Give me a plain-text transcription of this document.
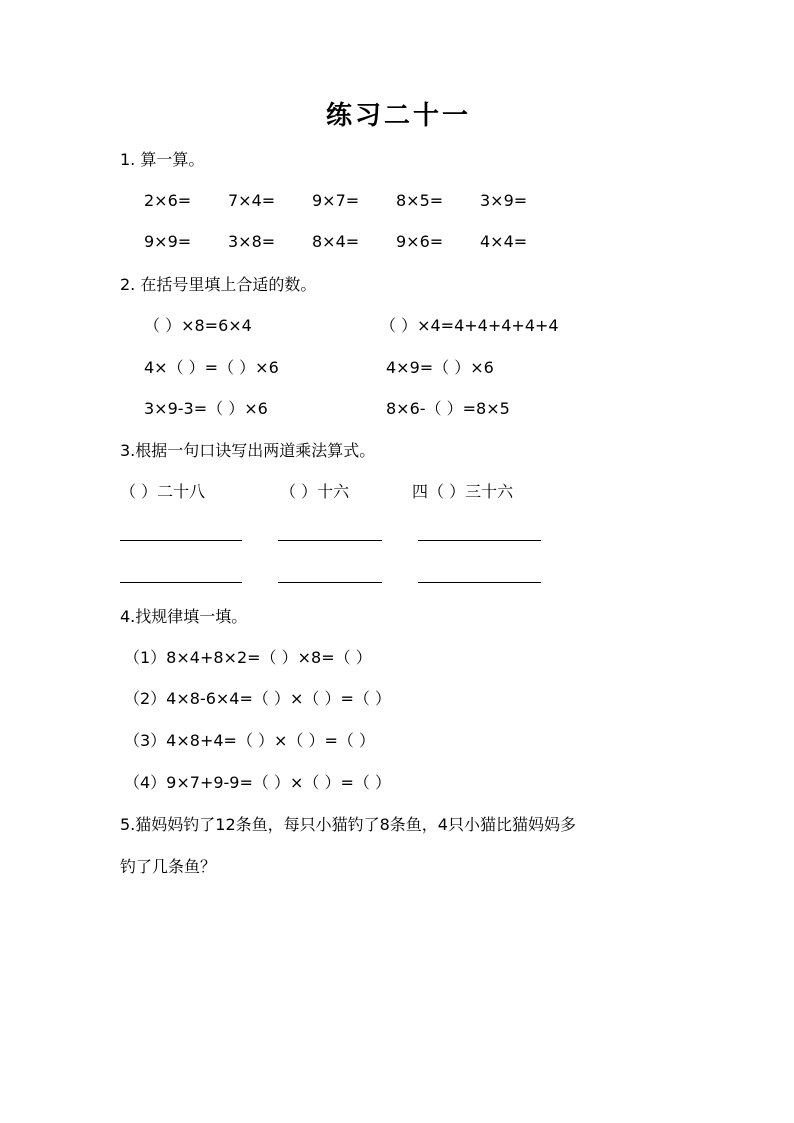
练习二十一
1. 算一算。
2×6= 7×4= 9×7= 8×5= 3×9=
9×9= 3×8= 8×4= 9×6= 4×4=
2. 在括号里填上合适的数。
（ ）×8=6×4	（ ）×4=4+4+4+4+4
4×（ ）=（ ）×6	4×9=（ ）×6
3×9-3=（ ）×6	8×6-（ ）=8×5
3.根据一句口诀写出两道乘法算式。
（ ）二十八	（ ）十六	四（ ）三十六
4.找规律填一填。
（1）8×4+8×2=（ ）×8=（ ）
（2）4×8-6×4=（ ）×（ ）=（ ）
（3）4×8+4=（ ）×（ ）=（ ）
（4）9×7+9-9=（ ）×（ ）=（ ）
5.猫妈妈钓了12条鱼，每只小猫钓了8条鱼，4只小猫比猫妈妈多
钓了几条鱼？
